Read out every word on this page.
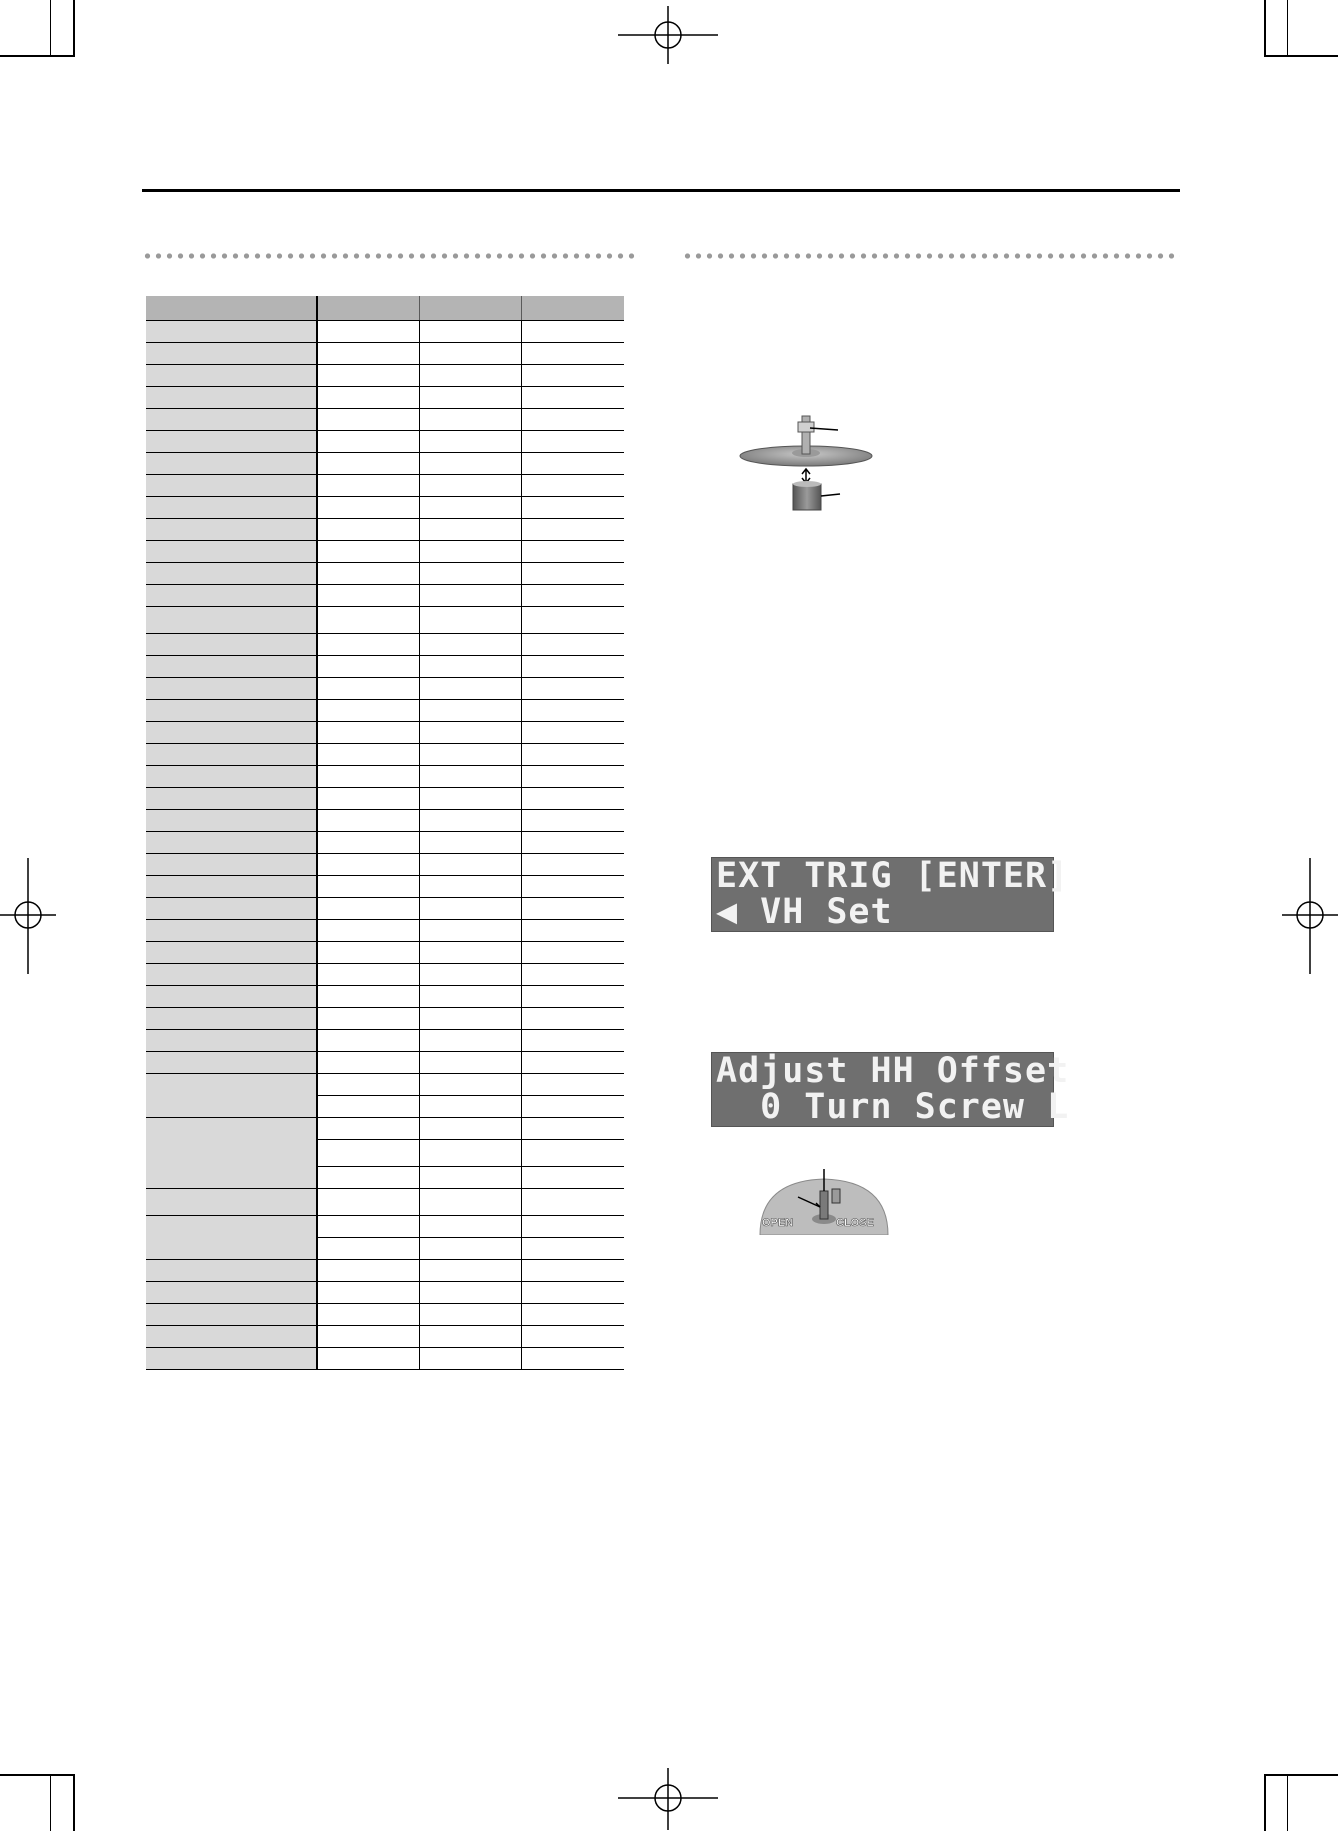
EXT TRIG [ENTER]
◀ VH Set
Adjust HH Offset
0 Turn Screw L
OPEN	CLOSE
